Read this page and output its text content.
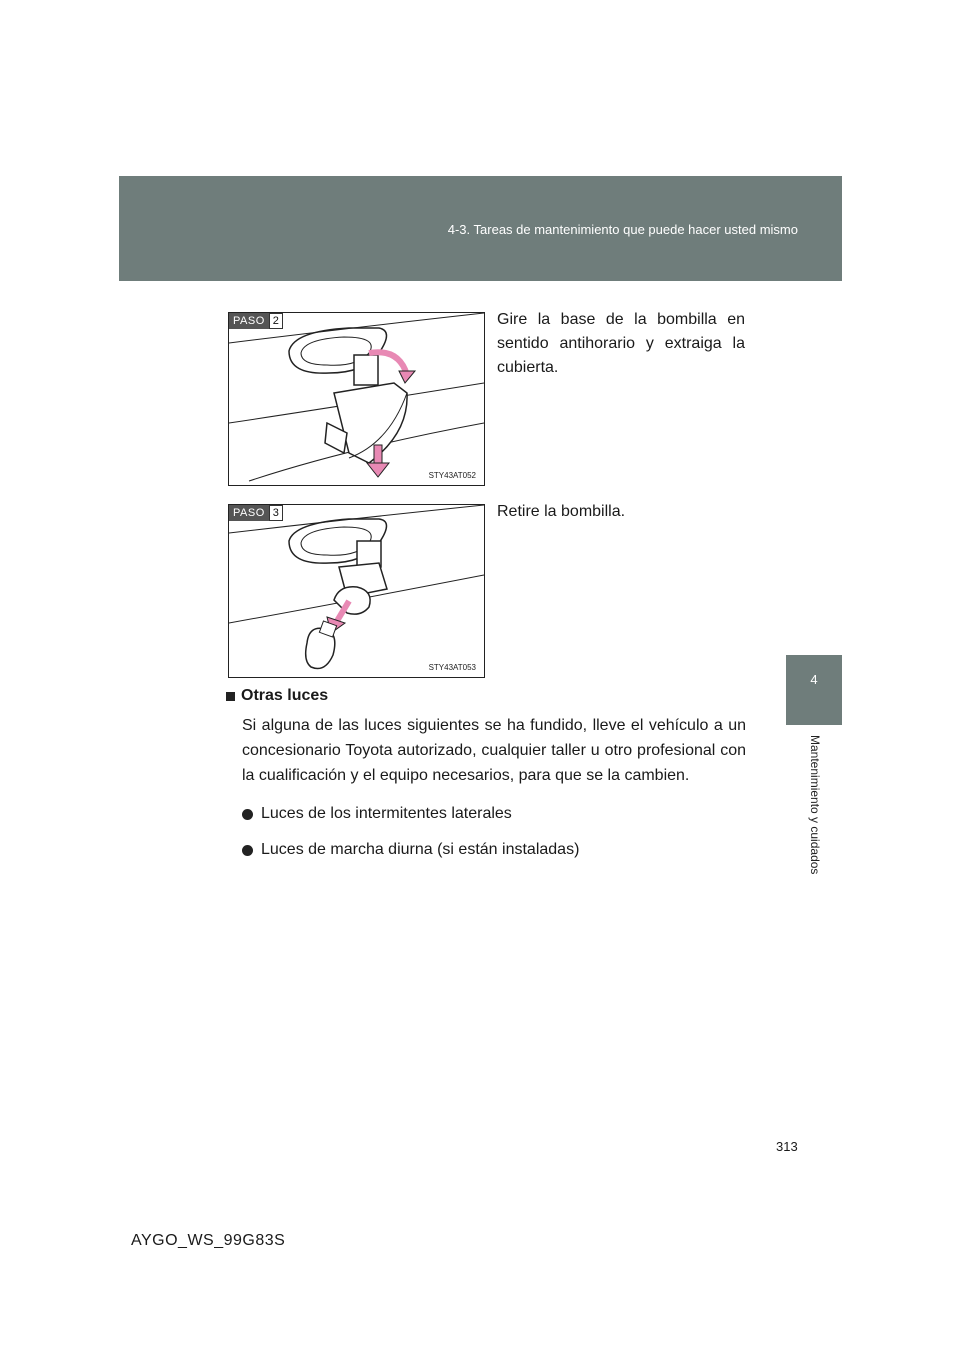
4-3. Tareas de mantenimiento que puede hacer usted mismo
4
Mantenimiento y cuidados
PASO 2
STY43AT052
Gire la base de la bombilla en sentido antihorario y extraiga la cubierta.
PASO 3
STY43AT053
Retire la bombilla.
Otras luces

Si alguna de las luces siguientes se ha fundido, lleve el vehículo a un concesionario Toyota autorizado, cualquier taller u otro profesional con la cualificación y el equipo necesarios, para que se la cambien.

Luces de los intermitentes laterales
Luces de marcha diurna (si están instaladas)
313
AYGO_WS_99G83S
